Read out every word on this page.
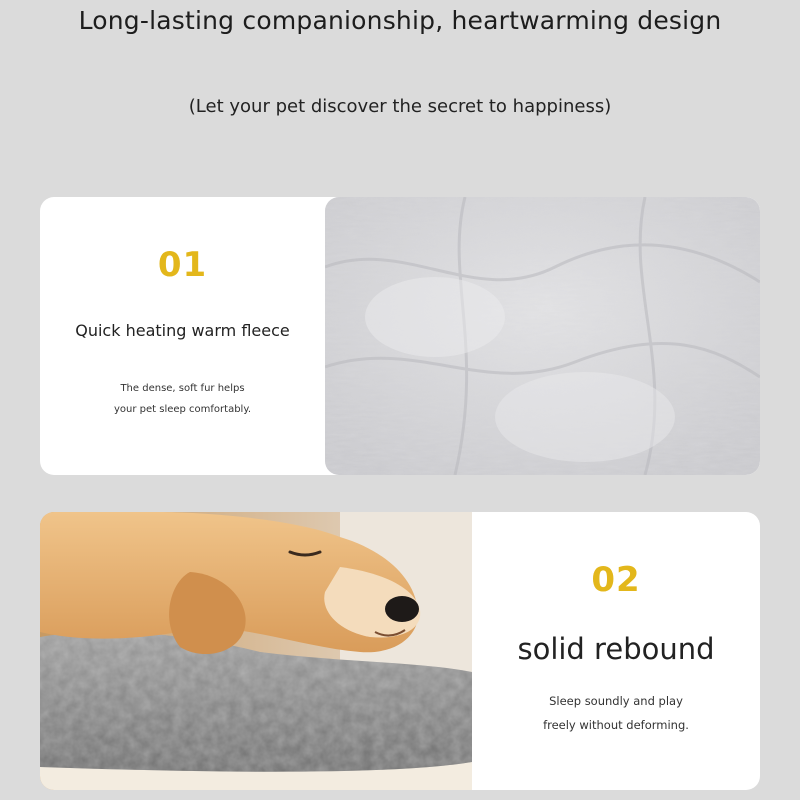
Long-lasting companionship, heartwarming design
(Let your pet discover the secret to happiness)
01
Quick heating warm fleece
The dense, soft fur helps
your pet sleep comfortably.
02
solid rebound
Sleep soundly and play
freely without deforming.
